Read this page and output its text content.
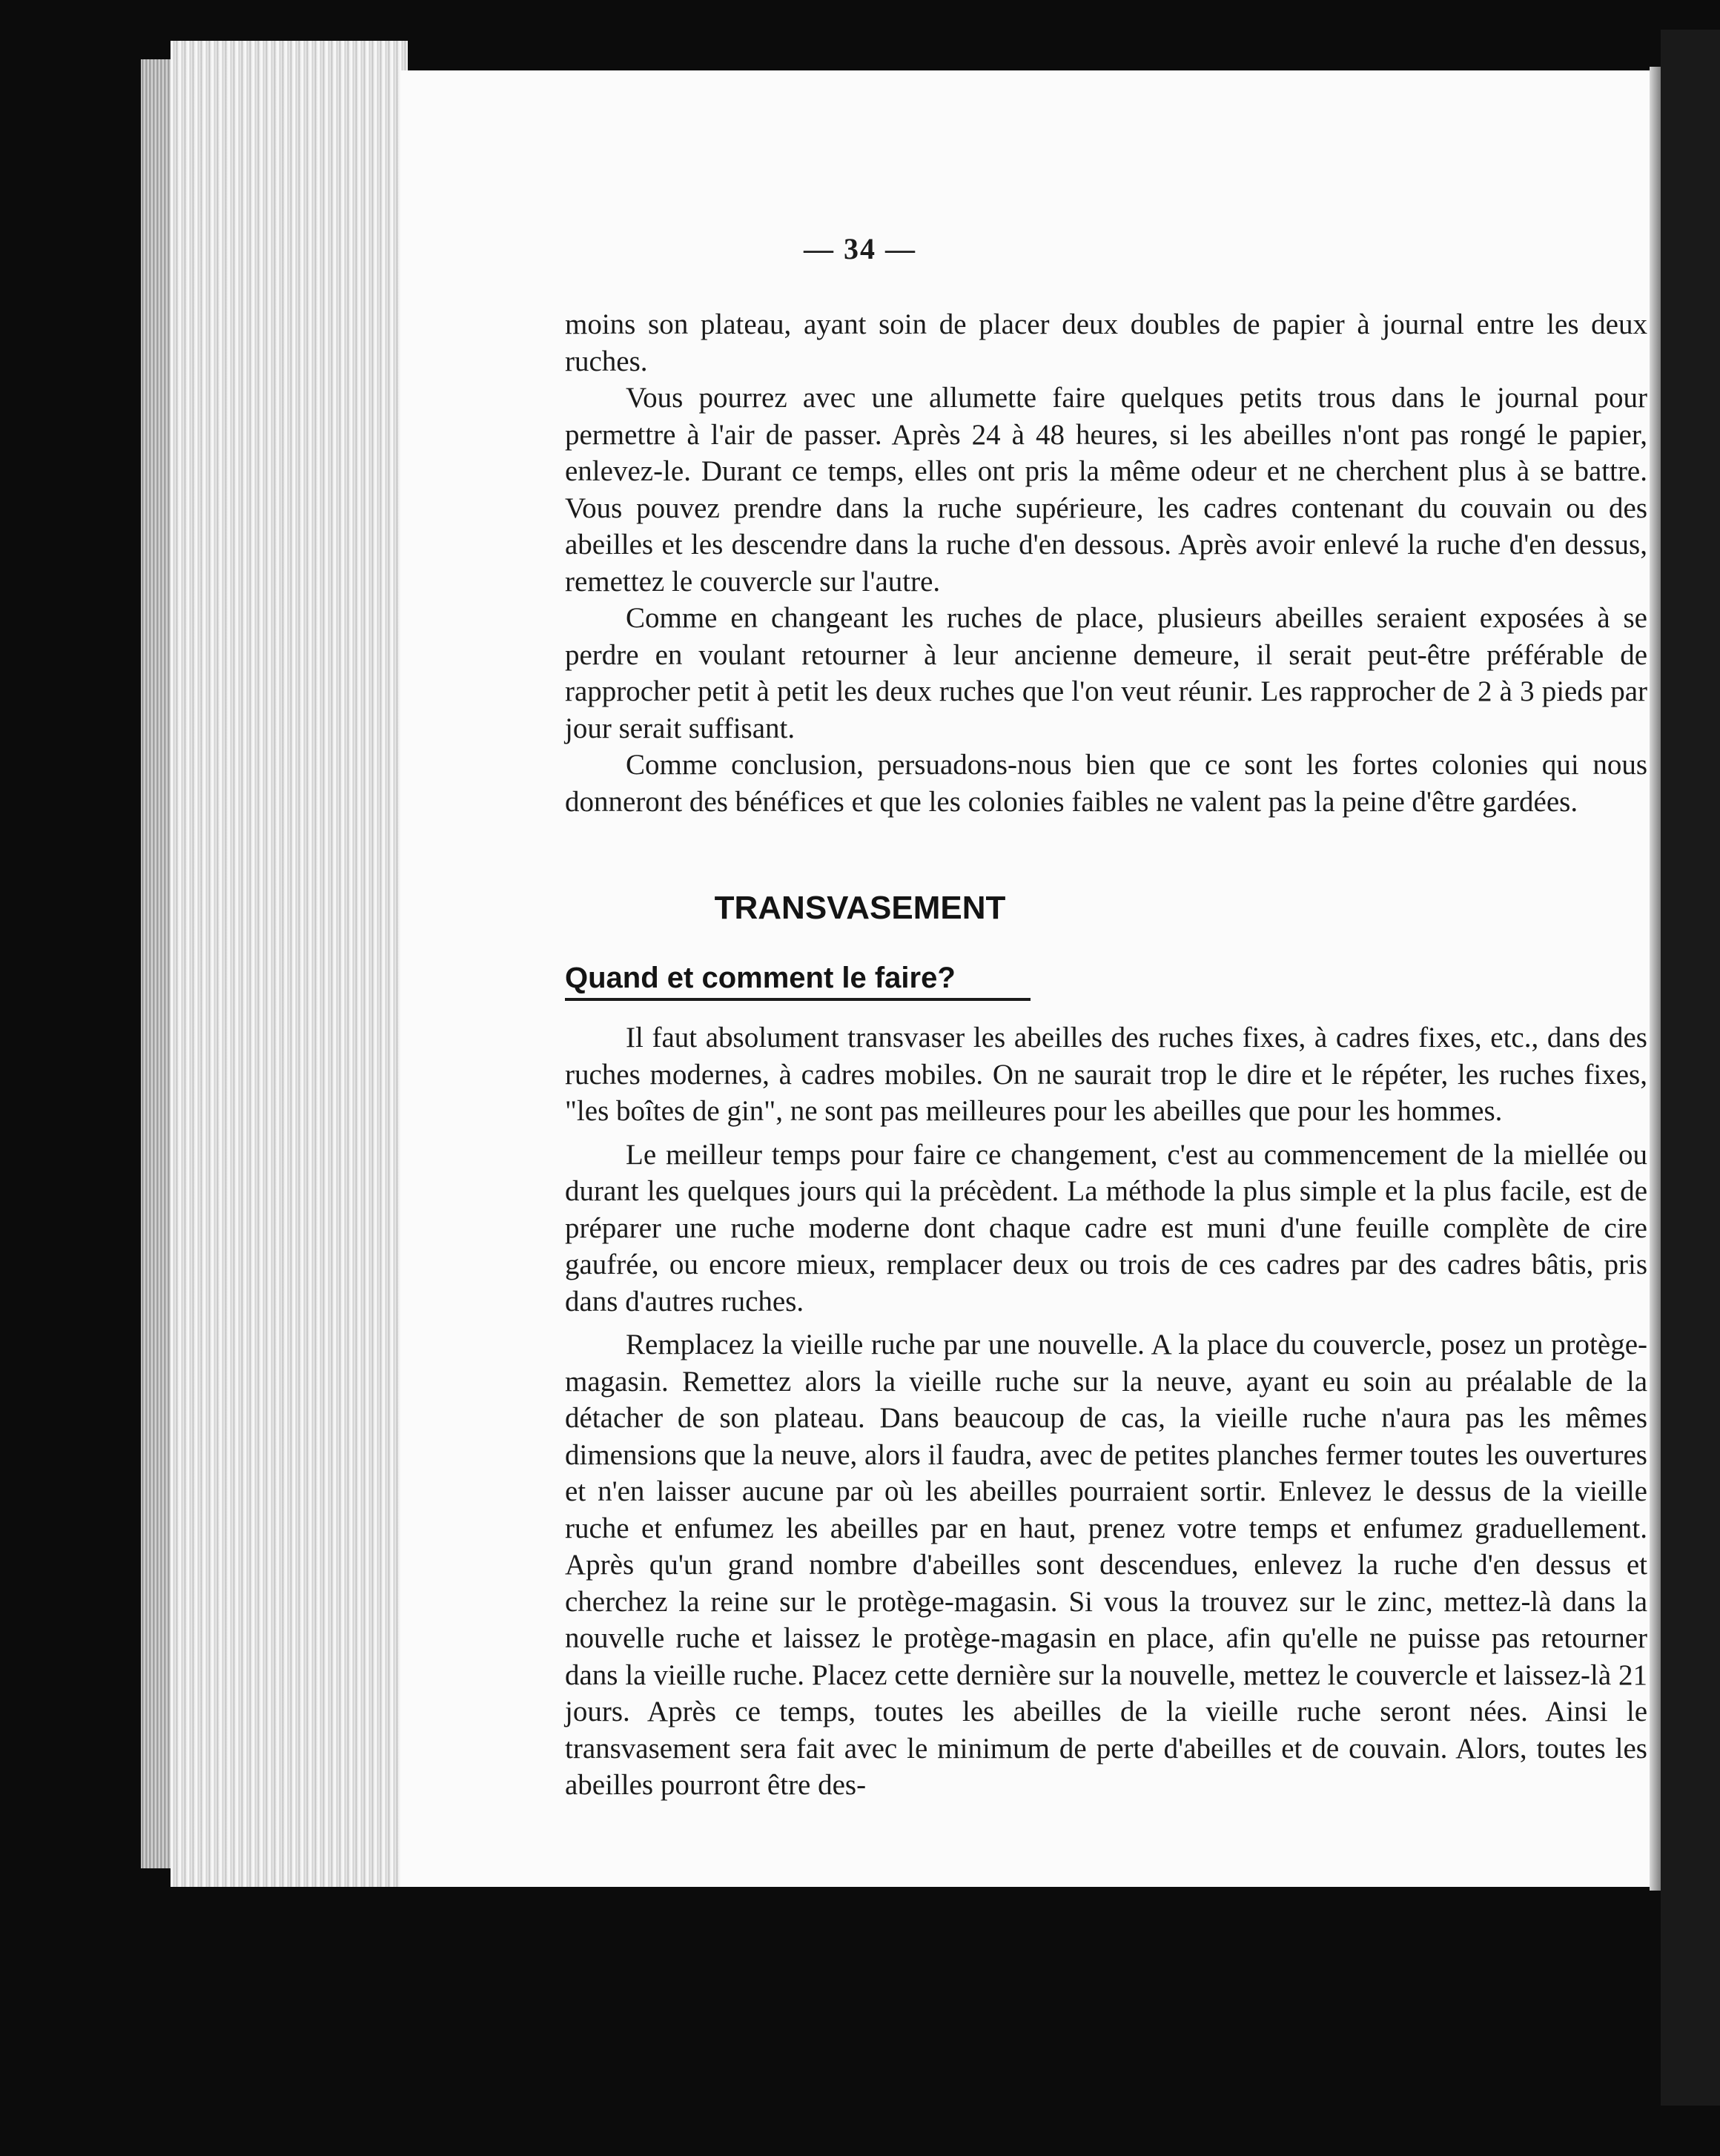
— 34 —

moins son plateau, ayant soin de placer deux doubles de papier à journal entre les deux ruches.

Vous pourrez avec une allumette faire quelques petits trous dans le journal pour permettre à l'air de passer. Après 24 à 48 heures, si les abeilles n'ont pas rongé le papier, enlevez-le. Durant ce temps, elles ont pris la même odeur et ne cherchent plus à se battre. Vous pouvez prendre dans la ruche supérieure, les cadres contenant du couvain ou des abeilles et les descendre dans la ruche d'en dessous. Après avoir enlevé la ruche d'en dessus, remettez le couvercle sur l'autre.

Comme en changeant les ruches de place, plusieurs abeilles seraient exposées à se perdre en voulant retourner à leur ancienne demeure, il serait peut-être préférable de rapprocher petit à petit les deux ruches que l'on veut réunir. Les rapprocher de 2 à 3 pieds par jour serait suffisant.

Comme conclusion, persuadons-nous bien que ce sont les fortes colonies qui nous donneront des bénéfices et que les colonies faibles ne valent pas la peine d'être gardées.

TRANSVASEMENT
Quand et comment le faire?

Il faut absolument transvaser les abeilles des ruches fixes, à cadres fixes, etc., dans des ruches modernes, à cadres mobiles. On ne saurait trop le dire et le répéter, les ruches fixes, "les boîtes de gin", ne sont pas meilleures pour les abeilles que pour les hommes.

Le meilleur temps pour faire ce changement, c'est au commencement de la miellée ou durant les quelques jours qui la précèdent. La méthode la plus simple et la plus facile, est de préparer une ruche moderne dont chaque cadre est muni d'une feuille complète de cire gaufrée, ou encore mieux, remplacer deux ou trois de ces cadres par des cadres bâtis, pris dans d'autres ruches.

Remplacez la vieille ruche par une nouvelle. A la place du couvercle, posez un protège-magasin. Remettez alors la vieille ruche sur la neuve, ayant eu soin au préalable de la détacher de son plateau. Dans beaucoup de cas, la vieille ruche n'aura pas les mêmes dimensions que la neuve, alors il faudra, avec de petites planches fermer toutes les ouvertures et n'en laisser aucune par où les abeilles pourraient sortir. Enlevez le dessus de la vieille ruche et enfumez les abeilles par en haut, prenez votre temps et enfumez graduellement. Après qu'un grand nombre d'abeilles sont descendues, enlevez la ruche d'en dessus et cherchez la reine sur le protège-magasin. Si vous la trouvez sur le zinc, mettez-là dans la nouvelle ruche et laissez le protège-magasin en place, afin qu'elle ne puisse pas retourner dans la vieille ruche. Placez cette dernière sur la nouvelle, mettez le couvercle et laissez-là 21 jours. Après ce temps, toutes les abeilles de la vieille ruche seront nées. Ainsi le transvasement sera fait avec le minimum de perte d'abeilles et de couvain. Alors, toutes les abeilles pourront être des-
